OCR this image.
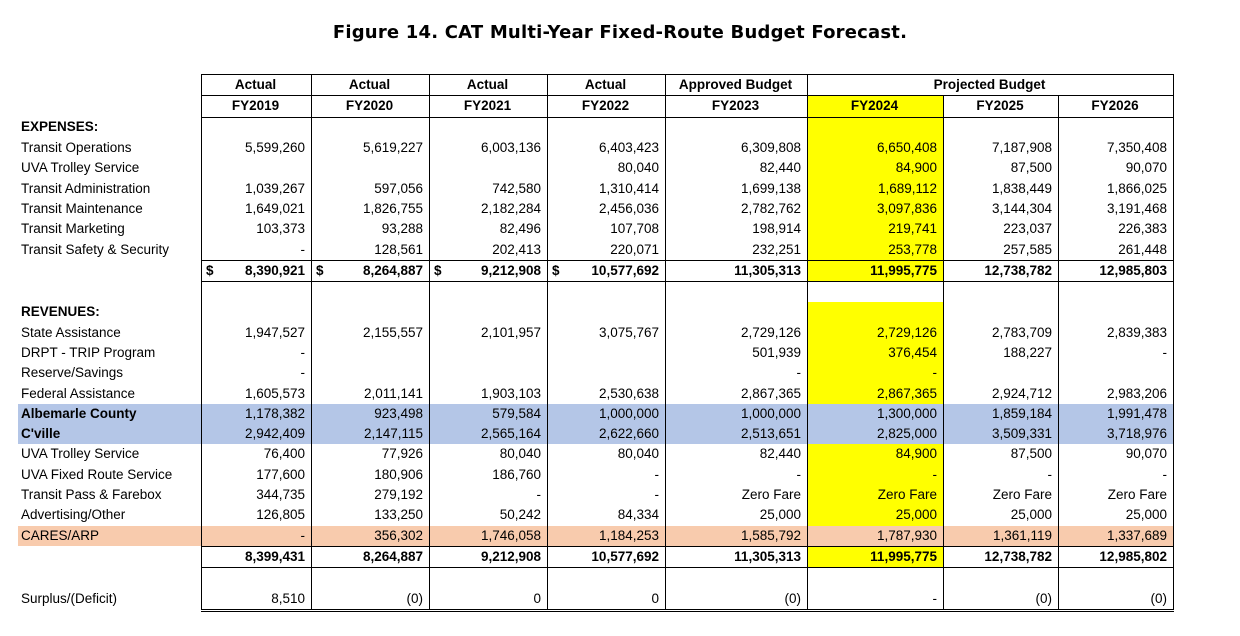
Figure 14. CAT Multi-Year Fixed-Route Budget Forecast.
	Actual	Actual	Actual	Actual	Approved Budget	Projected Budget		
	FY2019	FY2020	FY2021	FY2022	FY2023	FY2024	FY2025	FY2026
EXPENSES:								
Transit Operations	5,599,260	5,619,227	6,003,136	6,403,423	6,309,808	6,650,408	7,187,908	7,350,408
UVA Trolley Service				80,040	82,440	84,900	87,500	90,070
Transit Administration	1,039,267	597,056	742,580	1,310,414	1,699,138	1,689,112	1,838,449	1,866,025
Transit Maintenance	1,649,021	1,826,755	2,182,284	2,456,036	2,782,762	3,097,836	3,144,304	3,191,468
Transit Marketing	103,373	93,288	82,496	107,708	198,914	219,741	223,037	226,383
Transit Safety & Security	-	128,561	202,413	220,071	232,251	253,778	257,585	261,448

	$ 8,390,921	$ 8,264,887	$ 9,212,908	$ 10,577,692	11,305,313	11,995,775	12,738,782	12,985,803

REVENUES:								
State Assistance	1,947,527	2,155,557	2,101,957	3,075,767	2,729,126	2,729,126	2,783,709	2,839,383
DRPT - TRIP Program	-				501,939	376,454	188,227	-
Reserve/Savings	-				-	-		
Federal Assistance	1,605,573	2,011,141	1,903,103	2,530,638	2,867,365	2,867,365	2,924,712	2,983,206
Albemarle County	1,178,382	923,498	579,584	1,000,000	1,000,000	1,300,000	1,859,184	1,991,478
C'ville	2,942,409	2,147,115	2,565,164	2,622,660	2,513,651	2,825,000	3,509,331	3,718,976
UVA Trolley Service	76,400	77,926	80,040	80,040	82,440	84,900	87,500	90,070
UVA Fixed Route Service	177,600	180,906	186,760	-	-	-	-	-
Transit Pass & Farebox	344,735	279,192	-	-	Zero Fare	Zero Fare	Zero Fare	Zero Fare
Advertising/Other	126,805	133,250	50,242	84,334	25,000	25,000	25,000	25,000
CARES/ARP	-	356,302	1,746,058	1,184,253	1,585,792	1,787,930	1,361,119	1,337,689
	8,399,431	8,264,887	9,212,908	10,577,692	11,305,313	11,995,775	12,738,782	12,985,802

Surplus/(Deficit)	8,510	(0)	0	0	(0)	-	(0)	(0)
